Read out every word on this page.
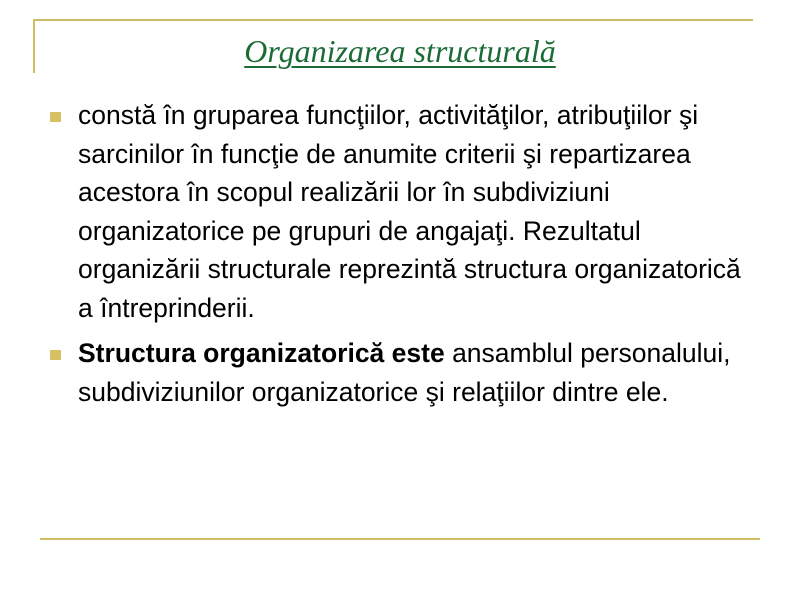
Organizarea structurală
constă în gruparea funcţiilor, activităţilor, atribuţiilor şi sarcinilor în funcţie de anumite criterii şi repartizarea acestora în scopul realizării lor în subdiviziuni organizatorice pe grupuri de angajaţi. Rezultatul organizării structurale reprezintă structura organizatorică a întreprinderii.
Structura organizatorică este ansamblul personalului, subdiviziunilor organizatorice şi relaţiilor dintre ele.
